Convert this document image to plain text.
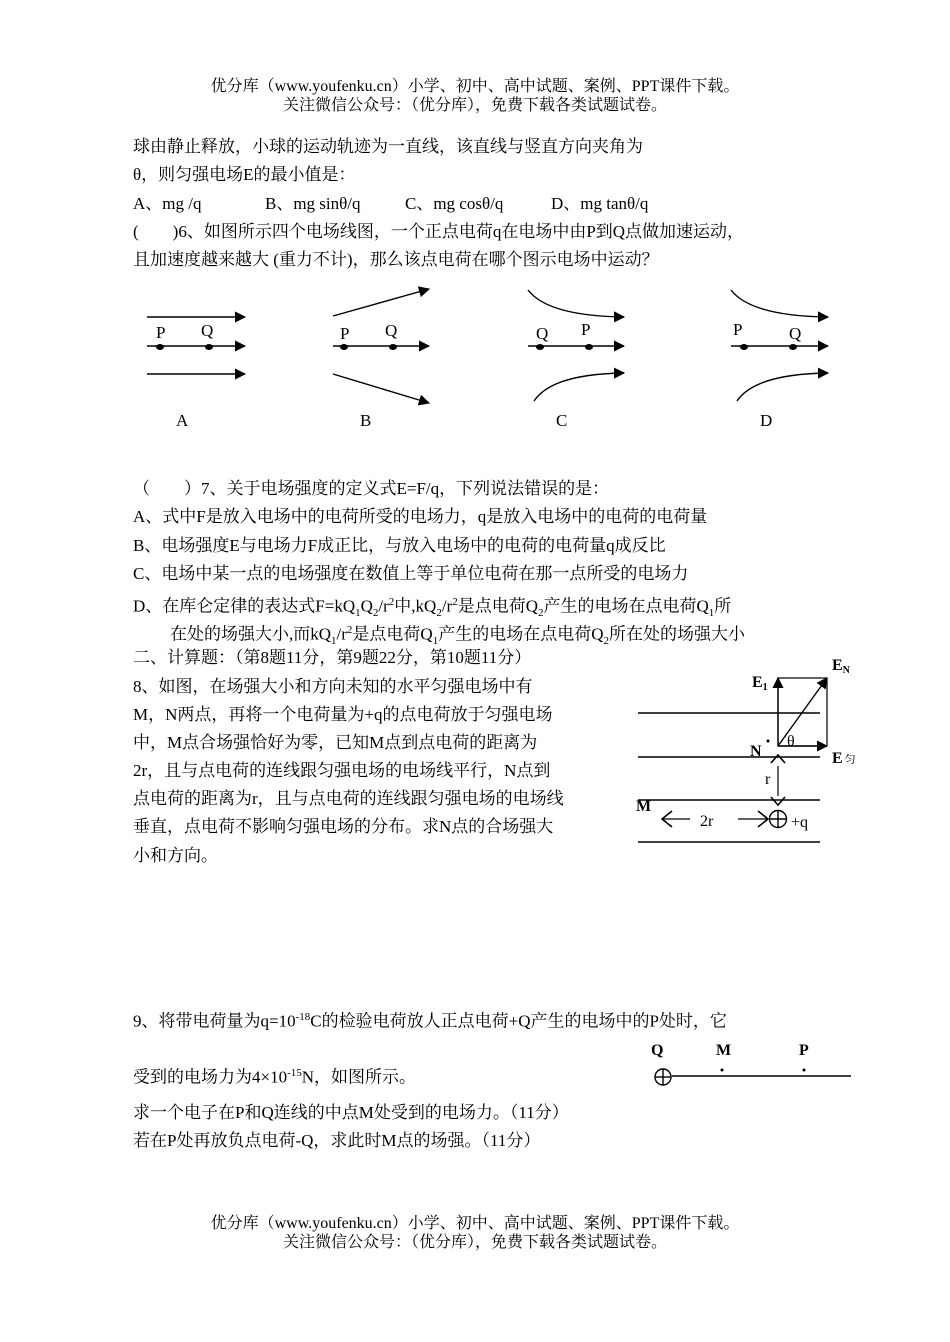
优分库（www.youfenku.cn）小学、初中、高中试题、案例、PPT课件下载。
关注微信公众号：（优分库），免费下载各类试题试卷。
球由静止释放，小球的运动轨迹为一直线，该直线与竖直方向夹角为
θ，则匀强电场E的最小值是：
A、mg /q	B、mg sinθ/q	C、mg cosθ/q	D、mg tanθ/q
(　　)6、如图所示四个电场线图，一个正点电荷q在电场中由P到Q点做加速运动，
且加速度越来越大 (重力不计)，那么该点电荷在哪个图示电场中运动？
P Q
A
P Q
B
Q P
C
P	Q
D
（　　）7、关于电场强度的定义式E=F/q，下列说法错误的是：
A、式中F是放入电场中的电荷所受的电场力，q是放入电场中的电荷的电荷量
B、电场强度E与电场力F成正比，与放入电场中的电荷的电荷量q成反比
C、电场中某一点的电场强度在数值上等于单位电荷在那一点所受的电场力
D、在库仑定律的表达式$F=kQ_1Q_2/r^2$中$,kQ_2/r^2$是点电荷$Q_2$产生的电场在点电荷$Q_1$所
在处的场强大小,而$kQ_1/r^2$是点电荷$Q_1$产生的电场在点电荷$Q_2$所在处的场强大小
二、计算题：（第8题11分，第9题22分，第10题11分）
8、如图，在场强大小和方向未知的水平匀强电场中有
M，N两点，再将一个电荷量为+q的点电荷放于匀强电场
中，M点合场强恰好为零，已知M点到点电荷的距离为
2r，且与点电荷的连线跟匀强电场的电场线平行，N点到
点电荷的距离为r，且与点电荷的连线跟匀强电场的电场线
垂直，点电荷不影响匀强电场的分布。求N点的合场强大
小和方向。
E1
EN
θ
N	E 匀
r
M
2r	+q
9、将带电荷量为$q=10^{-18}C$的检验电荷放人正点电荷+Q产生的电场中的P处时，它
受到的电场力为$4\times 10^{-15}N$，如图所示。
求一个电子在P和Q连线的中点M处受到的电场力。（11分）
若在P处再放负点电荷-Q，求此时M点的场强。（11分）
Q	M	P
优分库（www.youfenku.cn）小学、初中、高中试题、案例、PPT课件下载。
关注微信公众号：（优分库），免费下载各类试题试卷。
